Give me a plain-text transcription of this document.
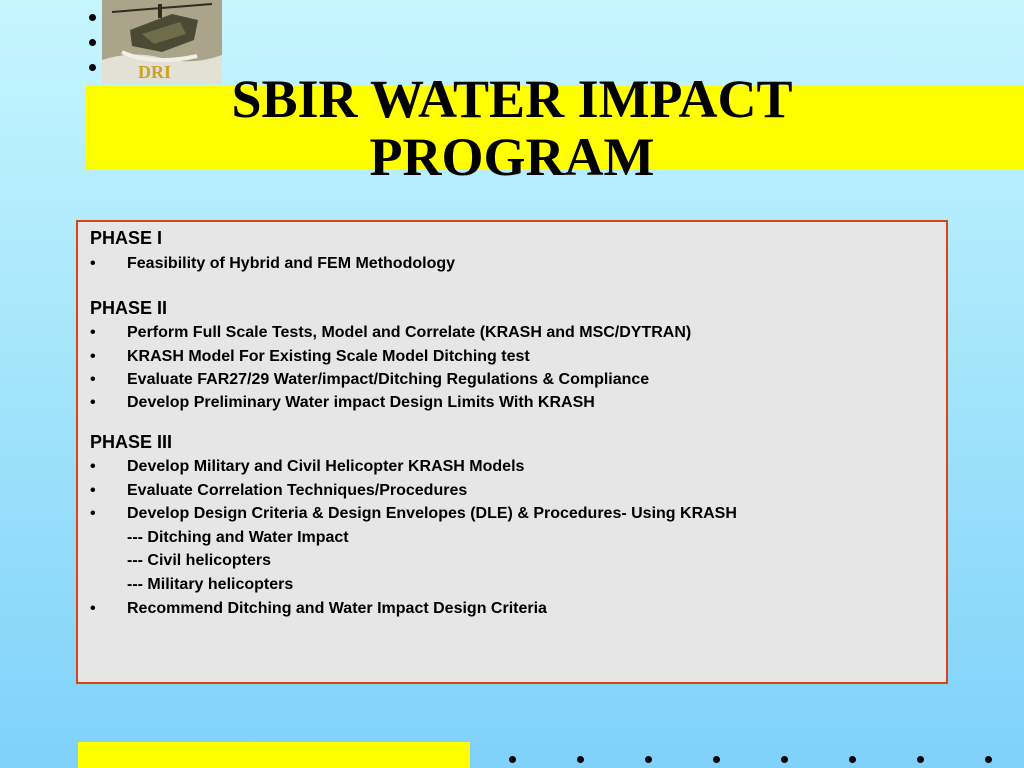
DRI	SBIR WATER IMPACT
PROGRAM
PHASE I
• Feasibility of Hybrid and FEM Methodology
PHASE II
• Perform Full Scale Tests, Model and Correlate (KRASH and MSC/DYTRAN)
• KRASH Model For Existing Scale Model Ditching test
• Evaluate FAR27/29 Water/impact/Ditching Regulations & Compliance
• Develop Preliminary Water impact Design Limits With KRASH
PHASE III
• Develop Military and Civil Helicopter KRASH Models
• Evaluate Correlation Techniques/Procedures
• Develop Design Criteria & Design Envelopes (DLE) & Procedures- Using KRASH
--- Ditching and Water Impact
--- Civil helicopters
--- Military helicopters
• Recommend Ditching and Water Impact Design Criteria
